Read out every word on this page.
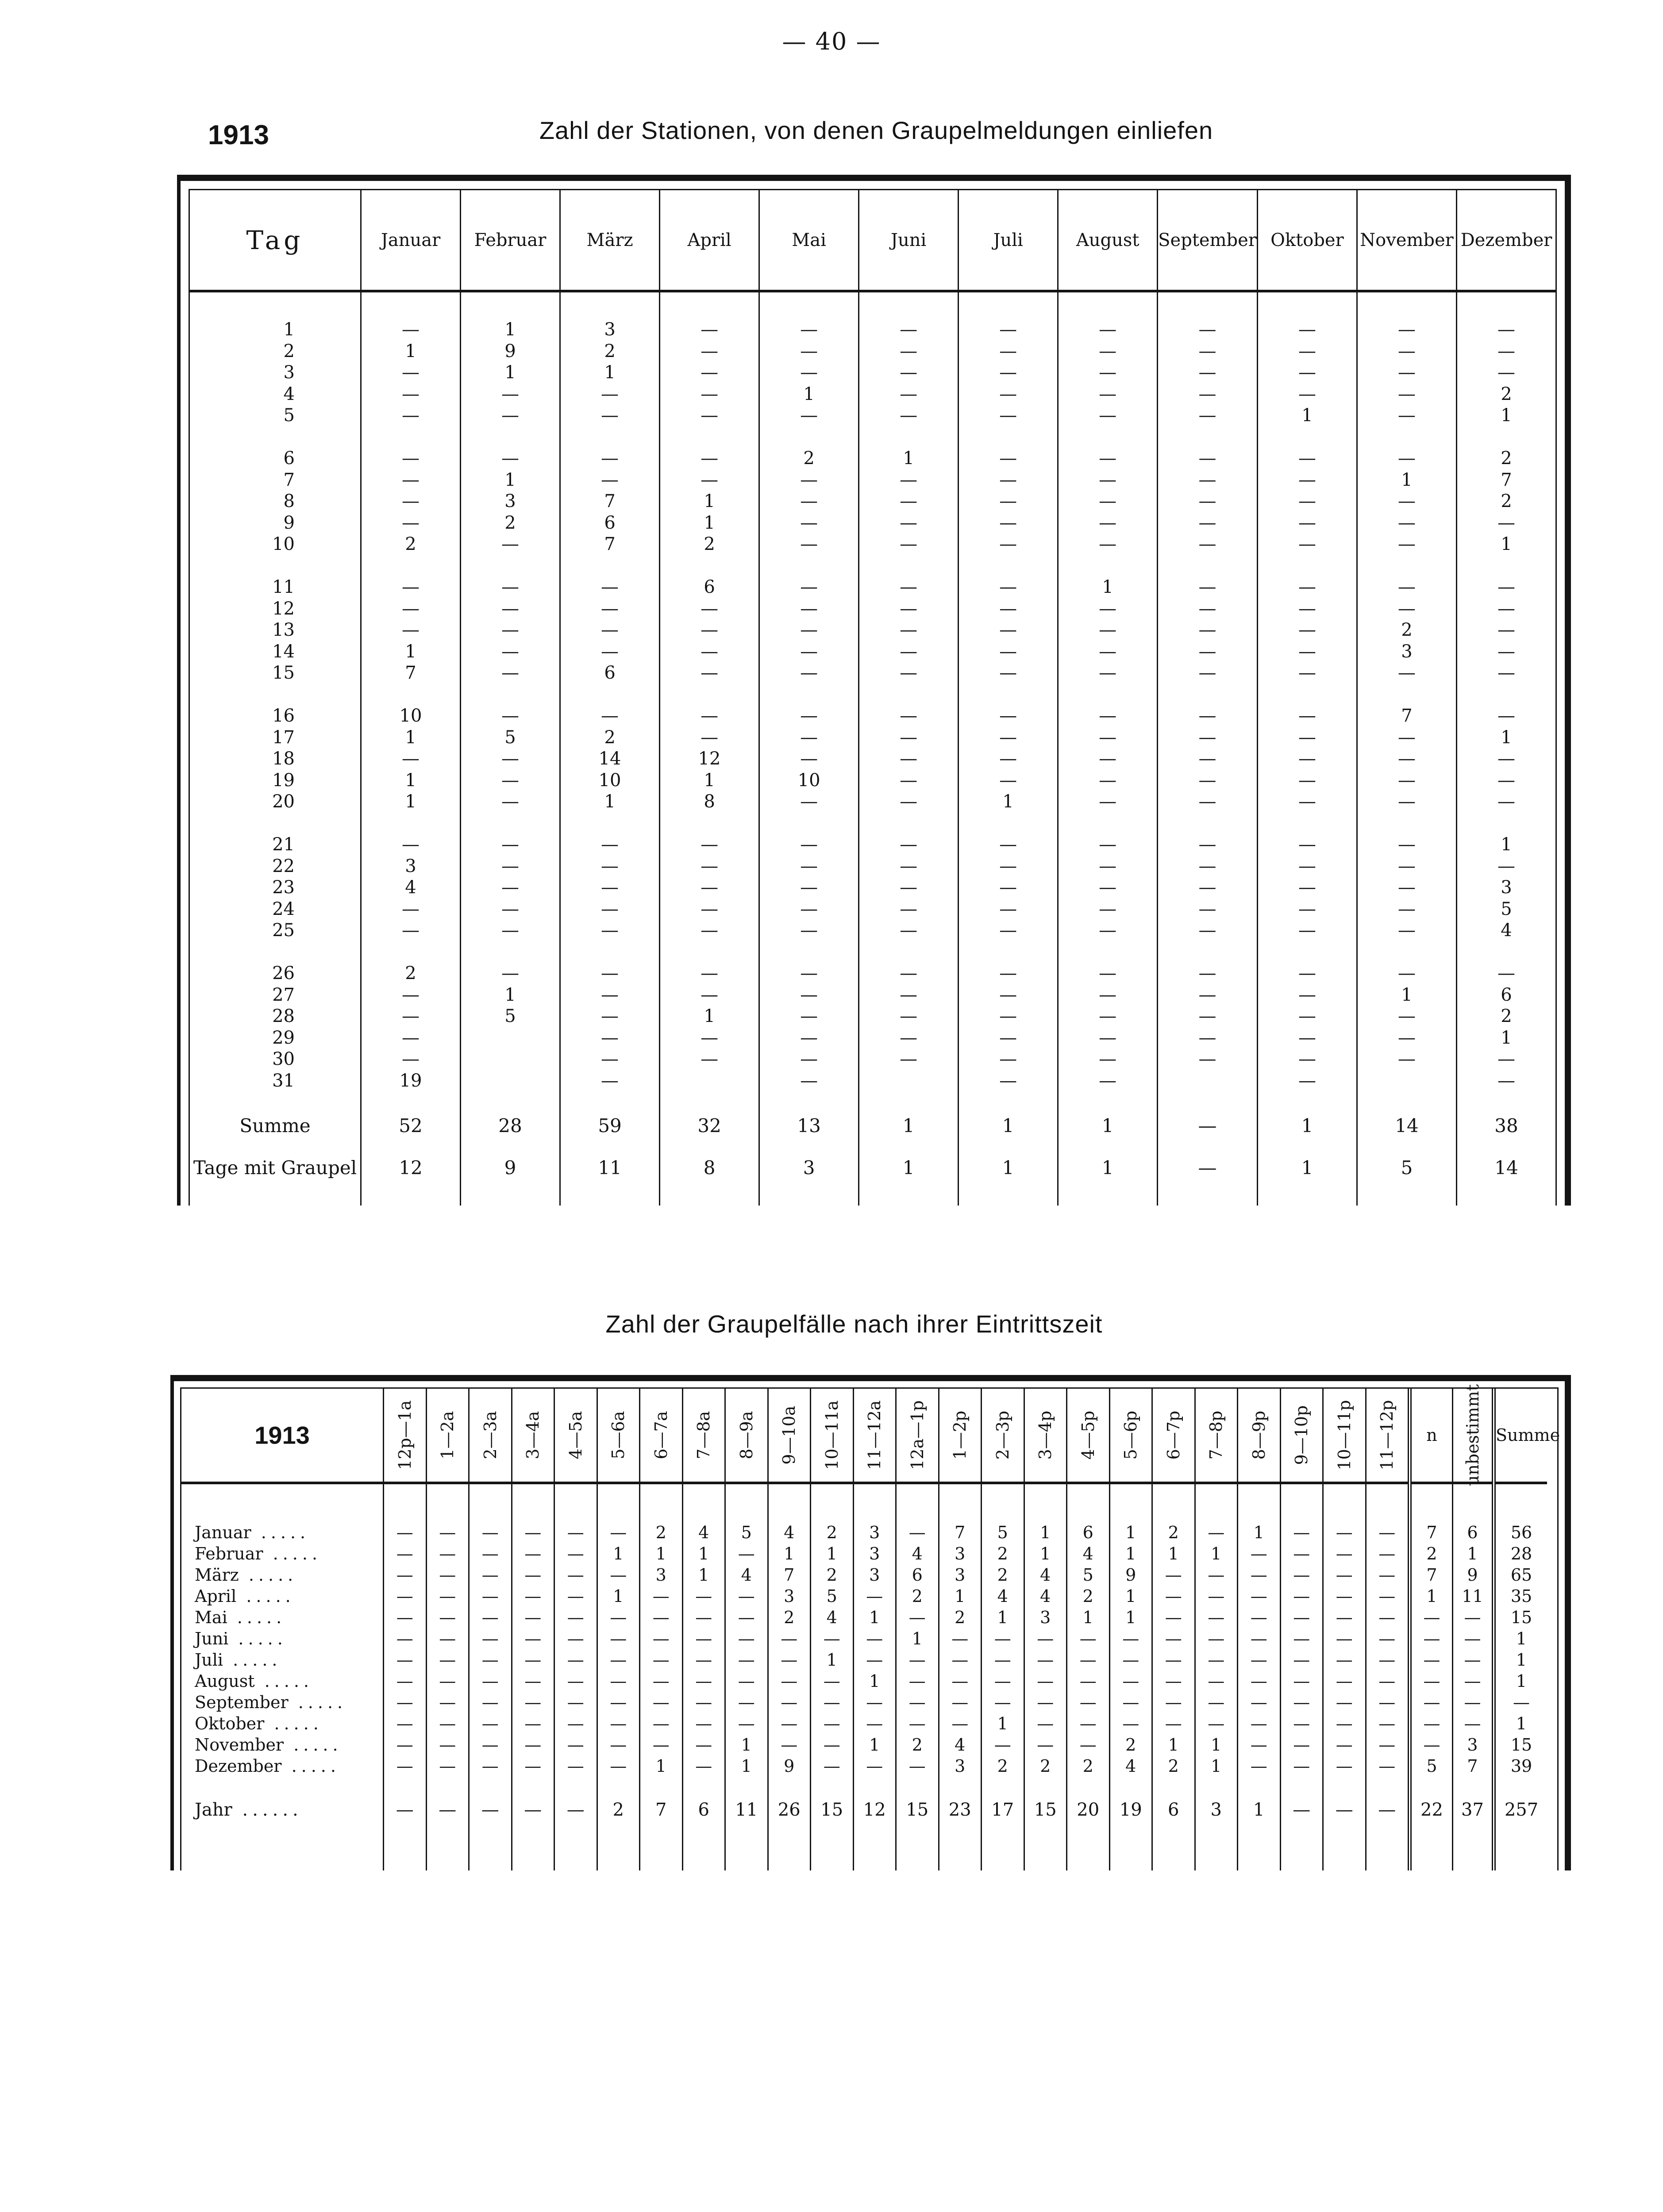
— 40 —
1913	Zahl der Stationen, von denen Graupelmeldungen einliefen
Tag
1
2
3
4
5
6
7
8
9
10
11
12
13
14
15
16
17
18
19
20
21
22
23
24
25
26
27
28
29
30
31
Summe
Tage mit Graupel
Januar
—
1
—
—
—
—
—
—
—
2
—
—
—
1
7
10
1
—
1
1
—
3
4
—
—
2
—
—
—
—
19
52
12
Februar
1
9
1
—
—
—
1
3
2
—
—
—
—
—
—
—
5
—
—
—
—
—
—
—
—
—
1
5
28
9
März
3
2
1
—
—
—
—
7
6
7
—
—
—
—
6
—
2
14
10
1
—
—
—
—
—
—
—
—
—
—
—
59
11
April
—
—
—
—
—
—
—
1
1
2
6
—
—
—
—
—
—
12
1
8
—
—
—
—
—
—
—
1
—
—
32
8
Mai
—
—
—
1
—
2
—
—
—
—
—
—
—
—
—
—
—
—
10
—
—
—
—
—
—
—
—
—
—
—
—
13
3
Juni
—
—
—
—
—
1
—
—
—
—
—
—
—
—
—
—
—
—
—
—
—
—
—
—
—
—
—
—
—
—
1
1
Juli
—
—
—
—
—
—
—
—
—
—
—
—
—
—
—
—
—
—
—
1
—
—
—
—
—
—
—
—
—
—
—
1
1
August
—
—
—
—
—
—
—
—
—
—
1
—
—
—
—
—
—
—
—
—
—
—
—
—
—
—
—
—
—
—
—
1
1
September
—
—
—
—
—
—
—
—
—
—
—
—
—
—
—
—
—
—
—
—
—
—
—
—
—
—
—
—
—
—
—
—
Oktober
—
—
—
—
1
—
—
—
—
—
—
—
—
—
—
—
—
—
—
—
—
—
—
—
—
—
—
—
—
—
—
1
1
November
—
—
—
—
—
—
1
—
—
—
—
—
2
3
—
7
—
—
—
—
—
—
—
—
—
—
1
—
—
—
14
5
Dezember
—
—
—
2
1
2
7
2
—
1
—
—
—
—
—
—
1
—
—
—
1
—
3
5
4
—
6
2
1
—
—
38
14
Zahl der Graupelfälle nach ihrer Eintrittszeit
1913
Januar .....
Februar .....
März .....
April .....
Mai .....
Juni .....
Juli .....
August .....
September .....
Oktober .....
November .....
Dezember .....
Jahr ......
12p—1a
—
—
—
—
—
—
—
—
—
—
—
—
—
1—2a
—
—
—
—
—
—
—
—
—
—
—
—
—
2—3a
—
—
—
—
—
—
—
—
—
—
—
—
—
3—4a
—
—
—
—
—
—
—
—
—
—
—
—
—
4—5a
—
—
—
—
—
—
—
—
—
—
—
—
—
5—6a
—
1
—
1
—
—
—
—
—
—
—
—
2
6—7a
2
1
3
—
—
—
—
—
—
—
—
1
7
7—8a
4
1
1
—
—
—
—
—
—
—
—
—
6
8—9a
5
—
4
—
—
—
—
—
—
—
1
1
11
9—10a
4
1
7
3
2
—
—
—
—
—
—
9
26
10—11a
2
1
2
5
4
—
1
—
—
—
—
—
15
11—12a
3
3
3
—
1
—
—
1
—
—
1
—
12
12a—1p
—
4
6
2
—
1
—
—
—
—
2
—
15
1—2p
7
3
3
1
2
—
—
—
—
—
4
3
23
2—3p
5
2
2
4
1
—
—
—
—
1
—
2
17
3—4p
1
1
4
4
3
—
—
—
—
—
—
2
15
4—5p
6
4
5
2
1
—
—
—
—
—
—
2
20
5—6p
1
1
9
1
1
—
—
—
—
—
2
4
19
6—7p
2
1
—
—
—
—
—
—
—
—
1
2
6
7—8p
—
1
—
—
—
—
—
—
—
—
1
1
3
8—9p
1
—
—
—
—
—
—
—
—
—
—
—
1
9—10p
—
—
—
—
—
—
—
—
—
—
—
—
—
10—11p
—
—
—
—
—
—
—
—
—
—
—
—
—
11—12p
—
—
—
—
—
—
—
—
—
—
—
—
—
n
7
2
7
1
—
—
—
—
—
—
—
5
22
unbestimmt
6
1
9
11
—
—
—
—
—
—
3
7
37
Summe
56
28
65
35
15
1
1
1
—
1
15
39
257
